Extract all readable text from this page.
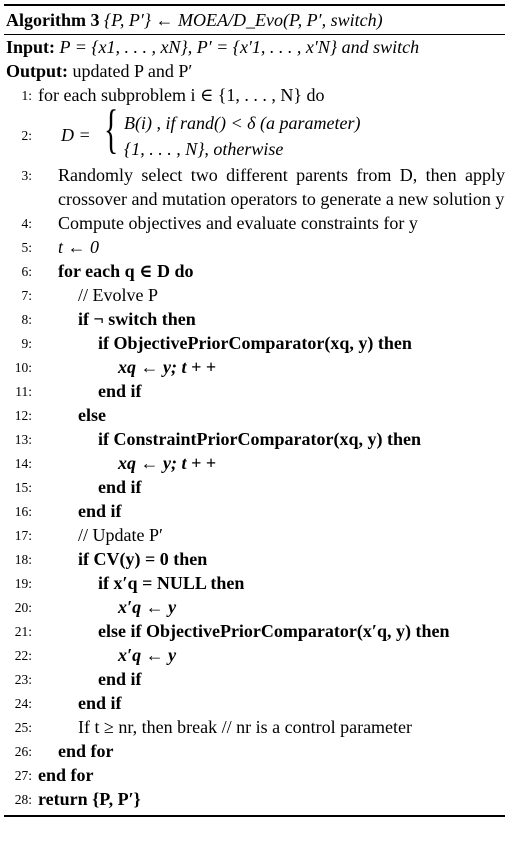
Algorithm 3 {P, P′} ← MOEA/D_Evo(P, P′, switch)
Input: P = {x1, . . . , xN}, P′ = {x′1, . . . , x′N} and switch
Output: updated P and P′
1: for each subproblem i ∈ {1, . . . , N} do
2: D = { B(i) , if rand() < δ (a parameter)
{1, . . . , N}, otherwise
3:	Randomly select two different parents from D, then apply crossover and mutation operators to generate a new solution y
4:	Compute objectives and evaluate constraints for y
5:	t ← 0
6:	for each q ∈ D do
7:	// Evolve P
8:	if ¬ switch then
9:	if ObjectivePriorComparator(xq, y) then
10:	xq ← y; t + +
11:	end if
12:	else
13:	if ConstraintPriorComparator(xq, y) then
14:	xq ← y; t + +
15:	end if
16:	end if
17:	// Update P′
18:	if CV(y) = 0 then
19:	if x′q = NULL then
20:	x′q ← y
21:	else if ObjectivePriorComparator(x′q, y) then
22:	x′q ← y
23:	end if
24:	end if
25:	If t ≥ nr, then break // nr is a control parameter
26:	end for
27: end for
28: return {P, P′}
